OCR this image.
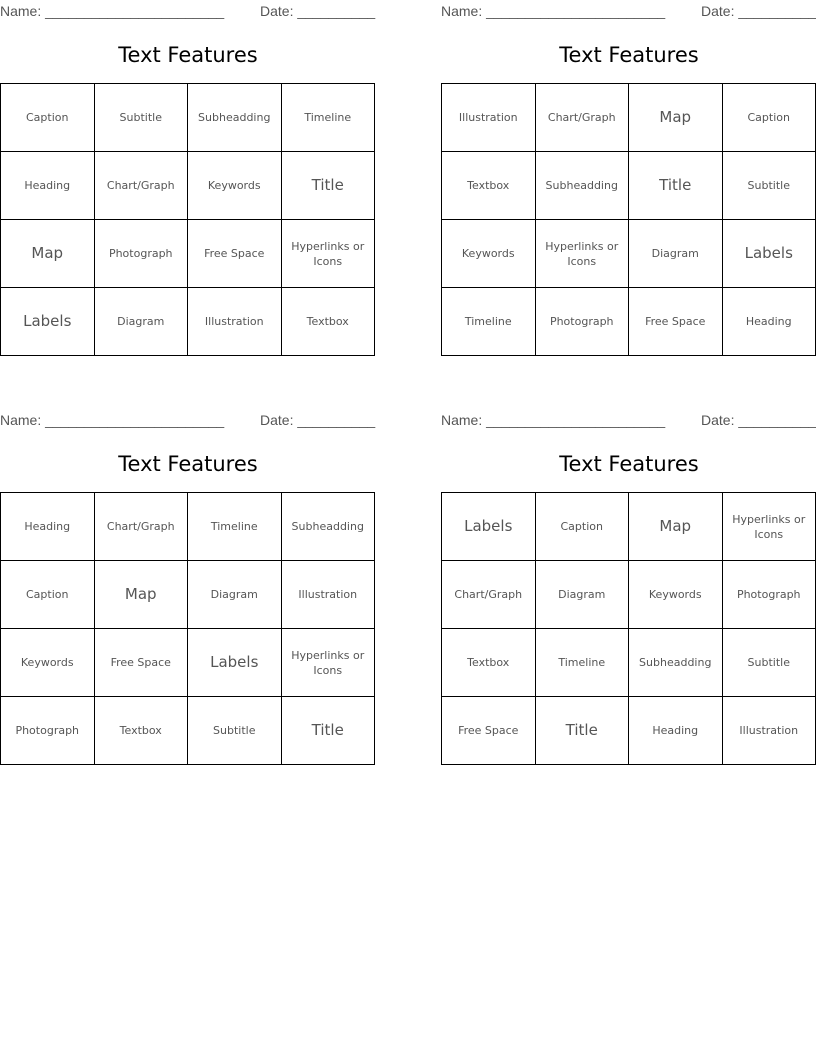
Name: _______________________	Date: __________
Text Features
Caption	Subtitle	Subheadding	Timeline
Heading	Chart/Graph	Keywords	Title
Map	Photograph	Free Space	Hyperlinks or Icons
Labels	Diagram	Illustration	Textbox
Name: _______________________	Date: __________
Text Features
Illustration	Chart/Graph	Map	Caption
Textbox	Subheadding	Title	Subtitle
Keywords	Hyperlinks or Icons	Diagram	Labels
Timeline	Photograph	Free Space	Heading
Name: _______________________	Date: __________
Text Features
Heading	Chart/Graph	Timeline	Subheadding
Caption	Map	Diagram	Illustration
Keywords	Free Space	Labels	Hyperlinks or Icons
Photograph	Textbox	Subtitle	Title
Name: _______________________	Date: __________
Text Features
Labels	Caption	Map	Hyperlinks or Icons
Chart/Graph	Diagram	Keywords	Photograph
Textbox	Timeline	Subheadding	Subtitle
Free Space	Title	Heading	Illustration
